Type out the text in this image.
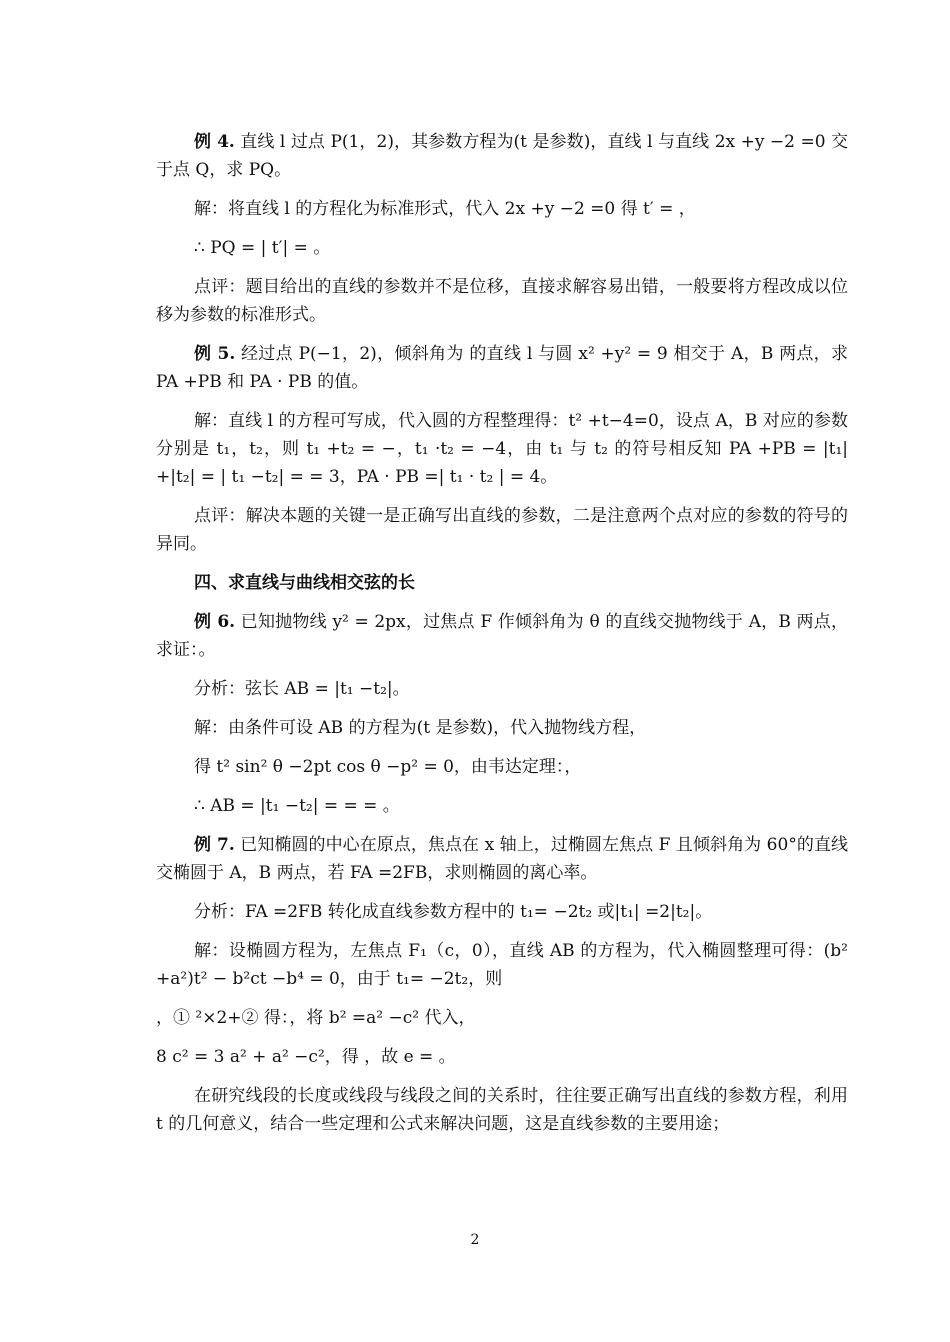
例 4. 直线 l 过点 P(1，2)，其参数方程为(t 是参数)，直线 l 与直线 2x +y −2 =0 交于点 Q，求 PQ。

解：将直线 l 的方程化为标准形式，代入 2x +y −2 =0 得 t′ = ，

∴ PQ = | t′| = 。

点评：题目给出的直线的参数并不是位移，直接求解容易出错，一般要将方程改成以位移为参数的标准形式。

例 5. 经过点 P(−1，2)，倾斜角为 的直线 l 与圆 x² +y² = 9 相交于 A，B 两点，求 PA +PB 和 PA · PB 的值。

解：直线 l 的方程可写成，代入圆的方程整理得：t² +t−4=0，设点 A，B 对应的参数分别是 t₁，t₂，则 t₁ +t₂ = −，t₁ ·t₂ = −4，由 t₁ 与 t₂ 的符号相反知 PA +PB = |t₁| +|t₂| = | t₁ −t₂| = = 3，PA · PB =| t₁ · t₂ | = 4。

点评：解决本题的关键一是正确写出直线的参数，二是注意两个点对应的参数的符号的异同。

四、求直线与曲线相交弦的长

例 6. 已知抛物线 y² = 2px，过焦点 F 作倾斜角为 θ 的直线交抛物线于 A，B 两点，求证：。

分析：弦长 AB = |t₁ −t₂|。

解：由条件可设 AB 的方程为(t 是参数)，代入抛物线方程，

得 t² sin² θ −2pt cos θ −p² = 0，由韦达定理：，

∴ AB = |t₁ −t₂| = = = 。

例 7. 已知椭圆的中心在原点，焦点在 x 轴上，过椭圆左焦点 F 且倾斜角为 60°的直线交椭圆于 A，B 两点，若 FA =2FB，求则椭圆的离心率。

分析：FA =2FB 转化成直线参数方程中的 t₁= −2t₂ 或|t₁| =2|t₂|。

解：设椭圆方程为，左焦点 F₁（c，0），直线 AB 的方程为，代入椭圆整理可得：(b² +a²)t² − b²ct −b⁴ = 0，由于 t₁= −2t₂，则

，① ²×2+② 得：，将 b² =a² −c² 代入，

8 c² = 3 a² + a² −c²，得 ，故 e = 。

在研究线段的长度或线段与线段之间的关系时，往往要正确写出直线的参数方程，利用 t 的几何意义，结合一些定理和公式来解决问题，这是直线参数的主要用途；

2
